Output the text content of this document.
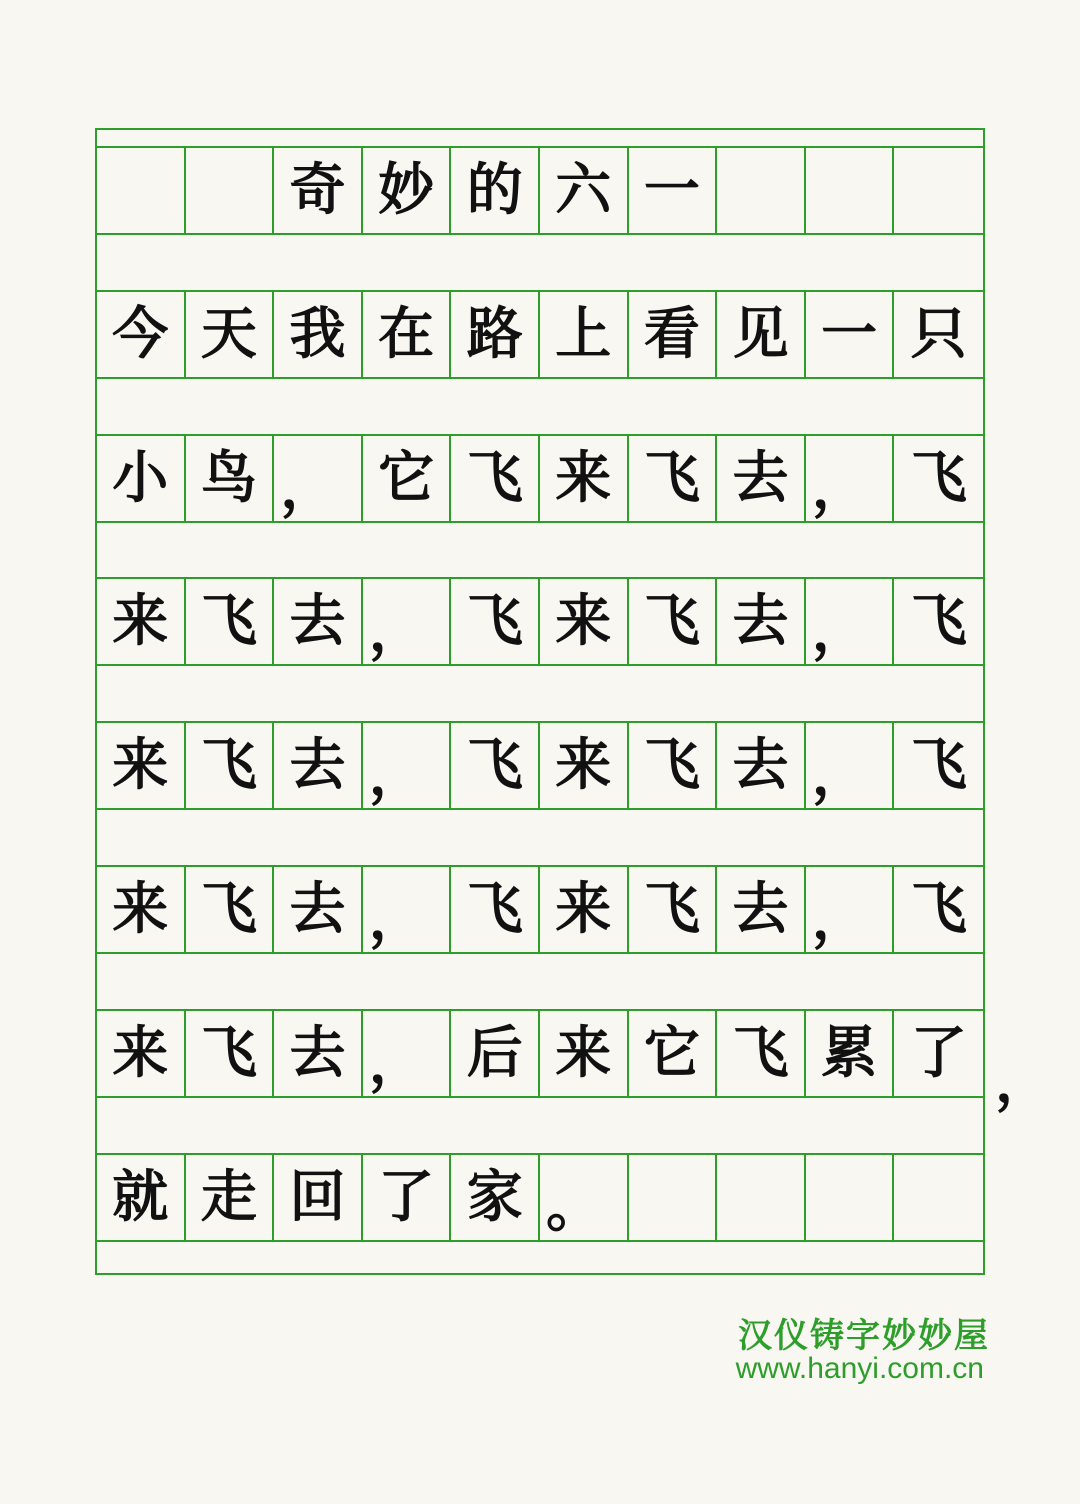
奇 妙 的 六 一
今 天 我 在 路 上 看 见 一 只
小 鸟 ， 它 飞 来 飞 去 ， 飞
来 飞 去 ， 飞 来 飞 去 ， 飞
来 飞 去 ， 飞 来 飞 去 ， 飞
来 飞 去 ， 飞 来 飞 去 ， 飞
来 飞 去 ， 后 来 它 飞 累 了
就 走 回 了 家 。
，
汉仪铸字妙妙屋
www.hanyi.com.cn
